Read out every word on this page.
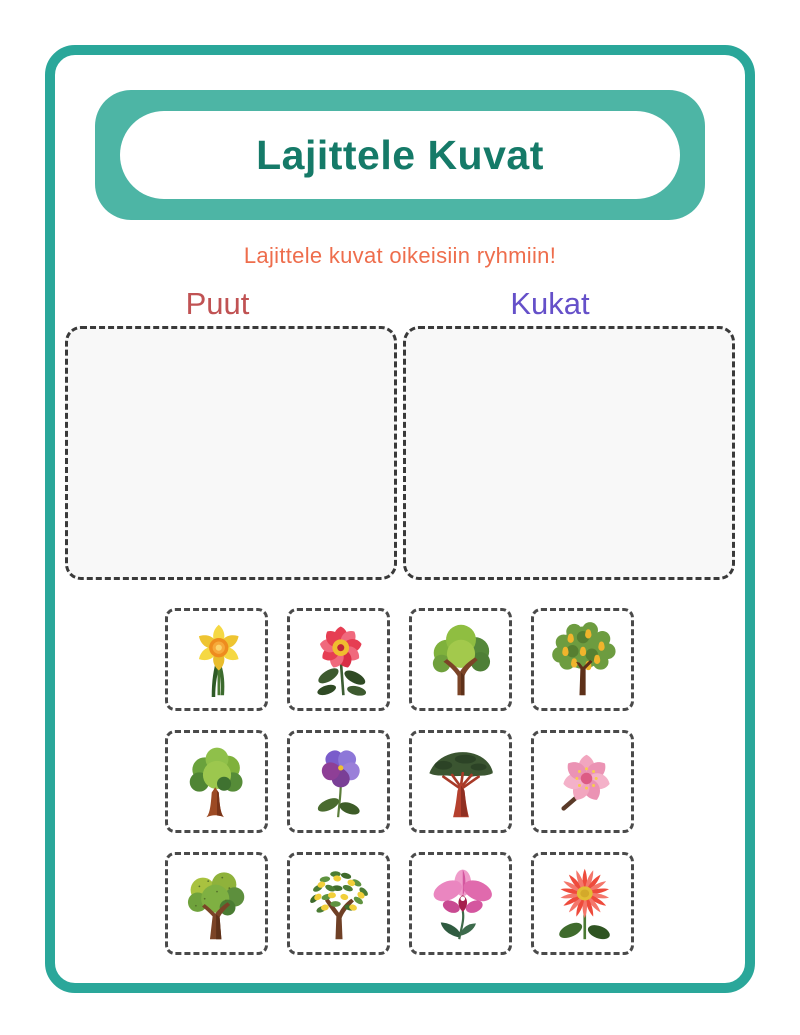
Lajittele Kuvat
Lajittele kuvat oikeisiin ryhmiin!
Puut	Kukat
